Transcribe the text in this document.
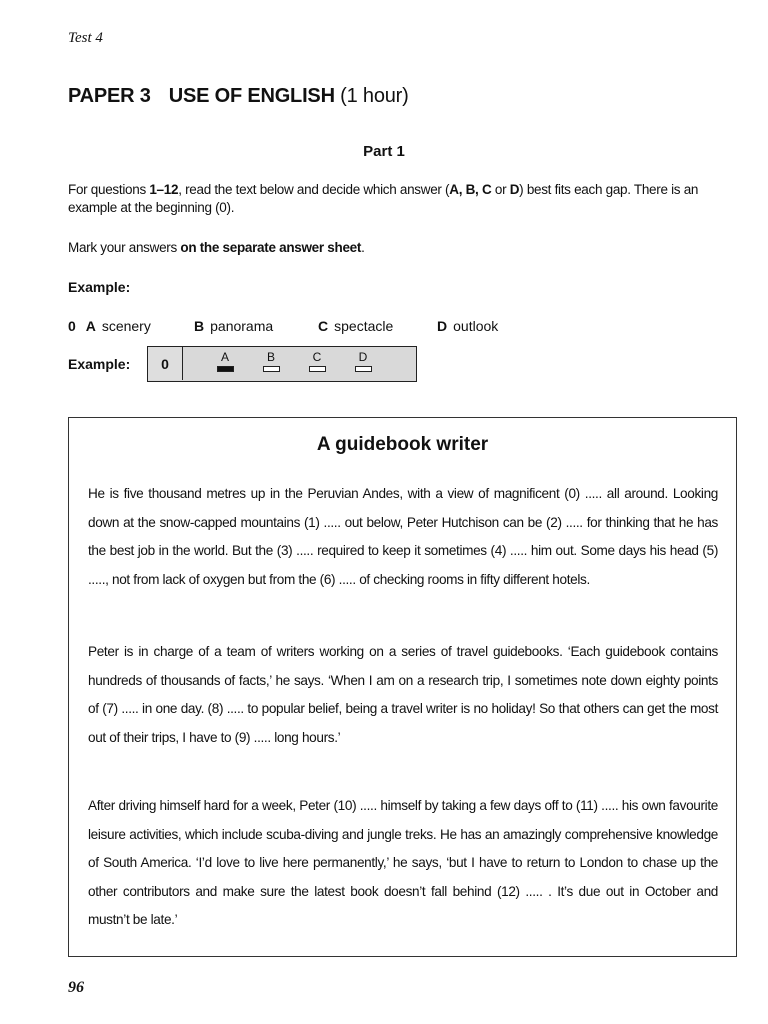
Test 4
PAPER 3 USE OF ENGLISH (1 hour)
Part 1
For questions 1–12, read the text below and decide which answer (A, B, C or D) best fits each gap. There is an example at the beginning (0).
Mark your answers on the separate answer sheet.
Example:
0 A scenery	B panorama	C spectacle	D outlook
Example:	0	A	B	C	D
A guidebook writer
He is five thousand metres up in the Peruvian Andes, with a view of magnificent (0) ..... all around. Looking down at the snow-capped mountains (1) ..... out below, Peter Hutchison can be (2) ..... for thinking that he has the best job in the world. But the (3) ..... required to keep it sometimes (4) ..... him out. Some days his head (5) ....., not from lack of oxygen but from the (6) ..... of checking rooms in fifty different hotels.
Peter is in charge of a team of writers working on a series of travel guidebooks. ‘Each guidebook contains hundreds of thousands of facts,’ he says. ‘When I am on a research trip, I sometimes note down eighty points of (7) ..... in one day. (8) ..... to popular belief, being a travel writer is no holiday! So that others can get the most out of their trips, I have to (9) ..... long hours.’
After driving himself hard for a week, Peter (10) ..... himself by taking a few days off to (11) ..... his own favourite leisure activities, which include scuba-diving and jungle treks. He has an amazingly comprehensive knowledge of South America. ‘I’d love to live here permanently,’ he says, ‘but I have to return to London to chase up the other contributors and make sure the latest book doesn’t fall behind (12) ..... . It’s due out in October and mustn’t be late.’
96
